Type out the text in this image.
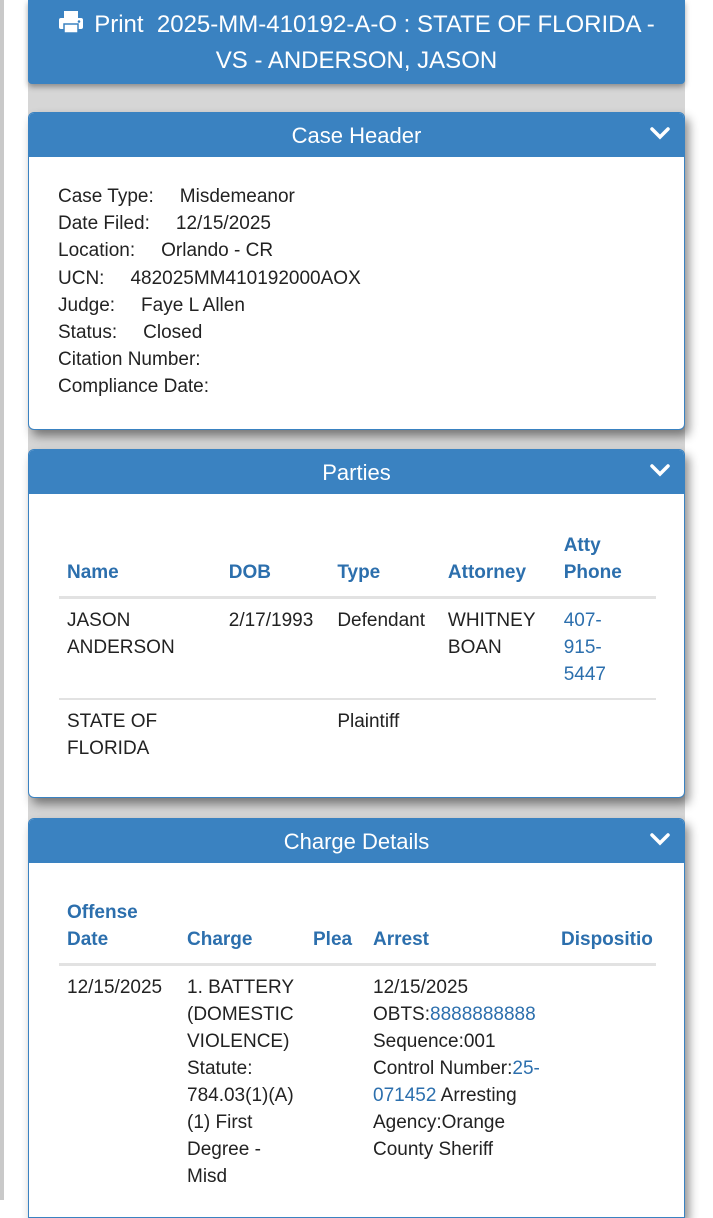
Print 2025-MM-410192-A-O : STATE OF FLORIDA -
VS - ANDERSON, JASON
Case Header
Case Type: Misdemeanor
Date Filed: 12/15/2025
Location: Orlando - CR
UCN: 482025MM410192000AOX
Judge: Faye L Allen
Status: Closed
Citation Number:
Compliance Date:
Parties
Name	DOB	Type	Attorney	Atty Phone
JASON ANDERSON	2/17/1993	Defendant	WHITNEY BOAN	407-915-5447
STATE OF FLORIDA		Plaintiff		
Charge Details
Offense Date	Charge	Plea	Arrest	Dispositio
12/15/2025	1. BATTERY (DOMESTIC VIOLENCE) Statute: 784.03(1)(A)(1) First Degree - Misd		12/15/2025
OBTS:8888888888
Sequence:001
Control Number:25-071452 Arresting Agency:Orange County Sheriff	
